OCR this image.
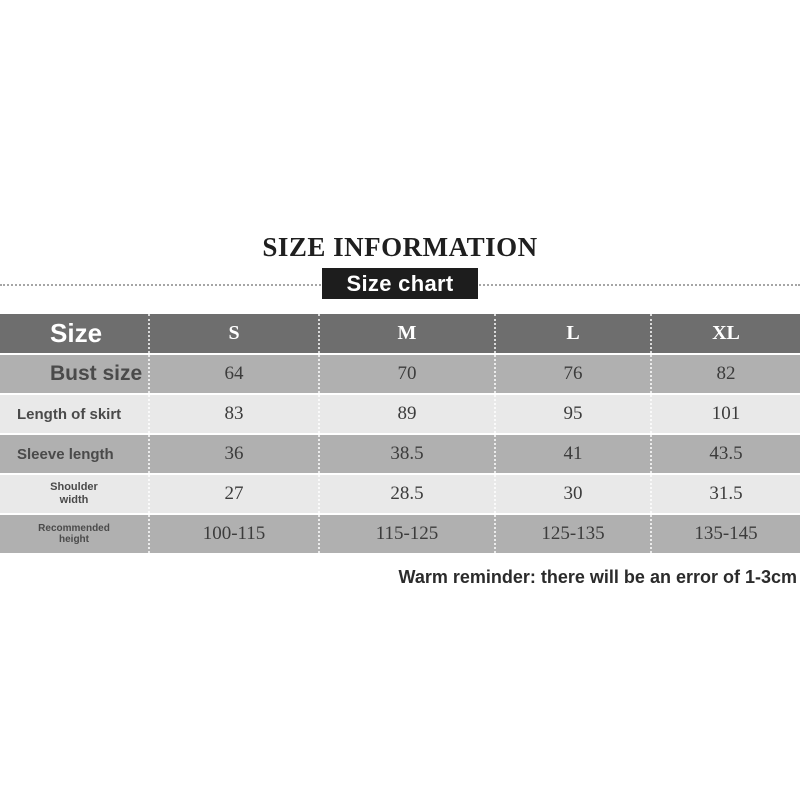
SIZE INFORMATION
Size chart
Size	S	M	L	XL
Bust size	64	70	76	82
Length of skirt	83	89	95	101
Sleeve length	36	38.5	41	43.5
Shoulder
width	27	28.5	30	31.5
Recommended
height	100-115	115-125	125-135	135-145
Warm reminder: there will be an error of 1-3cm
